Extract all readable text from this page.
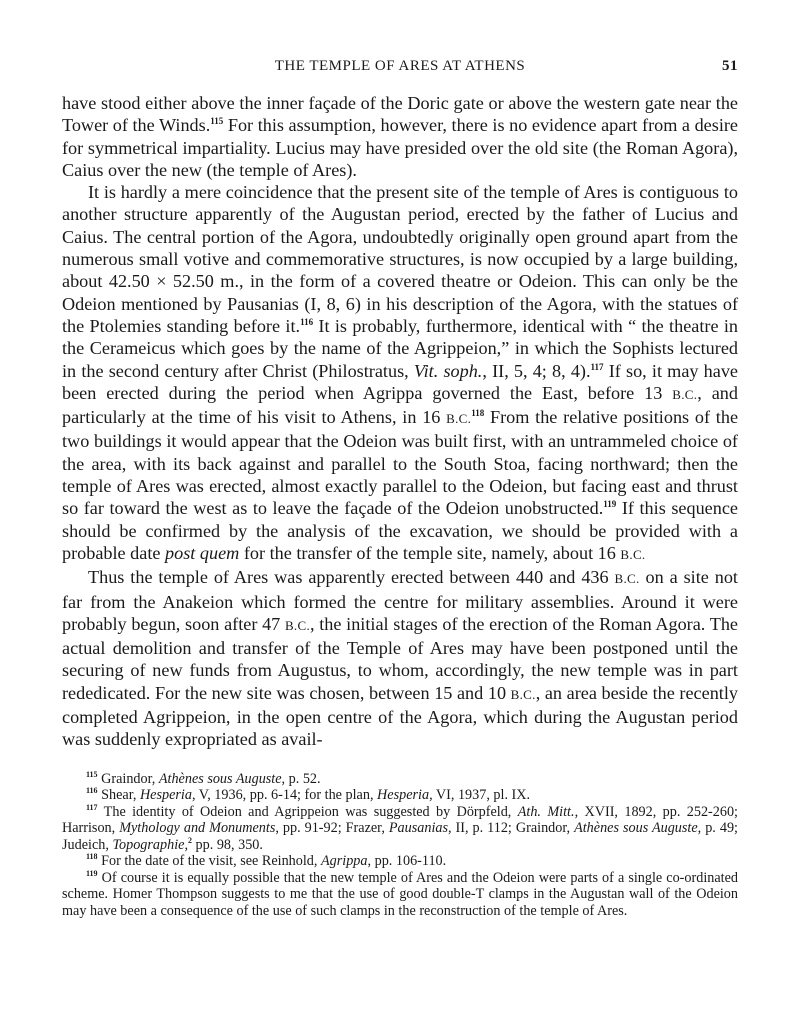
THE TEMPLE OF ARES AT ATHENS	51

have stood either above the inner façade of the Doric gate or above the western gate near the Tower of the Winds.$^{115}$ For this assumption, however, there is no evidence apart from a desire for symmetrical impartiality. Lucius may have presided over the old site (the Roman Agora), Caius over the new (the temple of Ares).

It is hardly a mere coincidence that the present site of the temple of Ares is contiguous to another structure apparently of the Augustan period, erected by the father of Lucius and Caius. The central portion of the Agora, undoubtedly originally open ground apart from the numerous small votive and commemorative structures, is now occupied by a large building, about 42.50 × 52.50 m., in the form of a covered theatre or Odeion. This can only be the Odeion mentioned by Pausanias (I, 8, 6) in his description of the Agora, with the statues of the Ptolemies standing before it.$^{116}$ It is probably, furthermore, identical with “ the theatre in the Cerameicus which goes by the name of the Agrippeion,” in which the Sophists lectured in the second century after Christ (Philostratus, Vit. soph., II, 5, 4; 8, 4).$^{117}$ If so, it may have been erected during the period when Agrippa governed the East, before 13 B.C., and particularly at the time of his visit to Athens, in 16 B.C.$^{118}$ From the relative positions of the two buildings it would appear that the Odeion was built first, with an untrammeled choice of the area, with its back against and parallel to the South Stoa, facing northward; then the temple of Ares was erected, almost exactly parallel to the Odeion, but facing east and thrust so far toward the west as to leave the façade of the Odeion unobstructed.$^{119}$ If this sequence should be confirmed by the analysis of the excavation, we should be provided with a probable date post quem for the transfer of the temple site, namely, about 16 B.C.

Thus the temple of Ares was apparently erected between 440 and 436 B.C. on a site not far from the Anakeion which formed the centre for military assemblies. Around it were probably begun, soon after 47 B.C., the initial stages of the erection of the Roman Agora. The actual demolition and transfer of the Temple of Ares may have been postponed until the securing of new funds from Augustus, to whom, accordingly, the new temple was in part rededicated. For the new site was chosen, between 15 and 10 B.C., an area beside the recently completed Agrippeion, in the open centre of the Agora, which during the Augustan period was suddenly expropriated as avail-

$^{115}$ Graindor, Athènes sous Auguste, p. 52.

$^{116}$ Shear, Hesperia, V, 1936, pp. 6-14; for the plan, Hesperia, VI, 1937, pl. IX.

$^{117}$ The identity of Odeion and Agrippeion was suggested by Dörpfeld, Ath. Mitt., XVII, 1892, pp. 252-260; Harrison, Mythology and Monuments, pp. 91-92; Frazer, Pausanias, II, p. 112; Graindor, Athènes sous Auguste, p. 49; Judeich, Topographie,$^2$ pp. 98, 350.

$^{118}$ For the date of the visit, see Reinhold, Agrippa, pp. 106-110.

$^{119}$ Of course it is equally possible that the new temple of Ares and the Odeion were parts of a single co-ordinated scheme. Homer Thompson suggests to me that the use of good double-T clamps in the Augustan wall of the Odeion may have been a consequence of the use of such clamps in the reconstruction of the temple of Ares.
